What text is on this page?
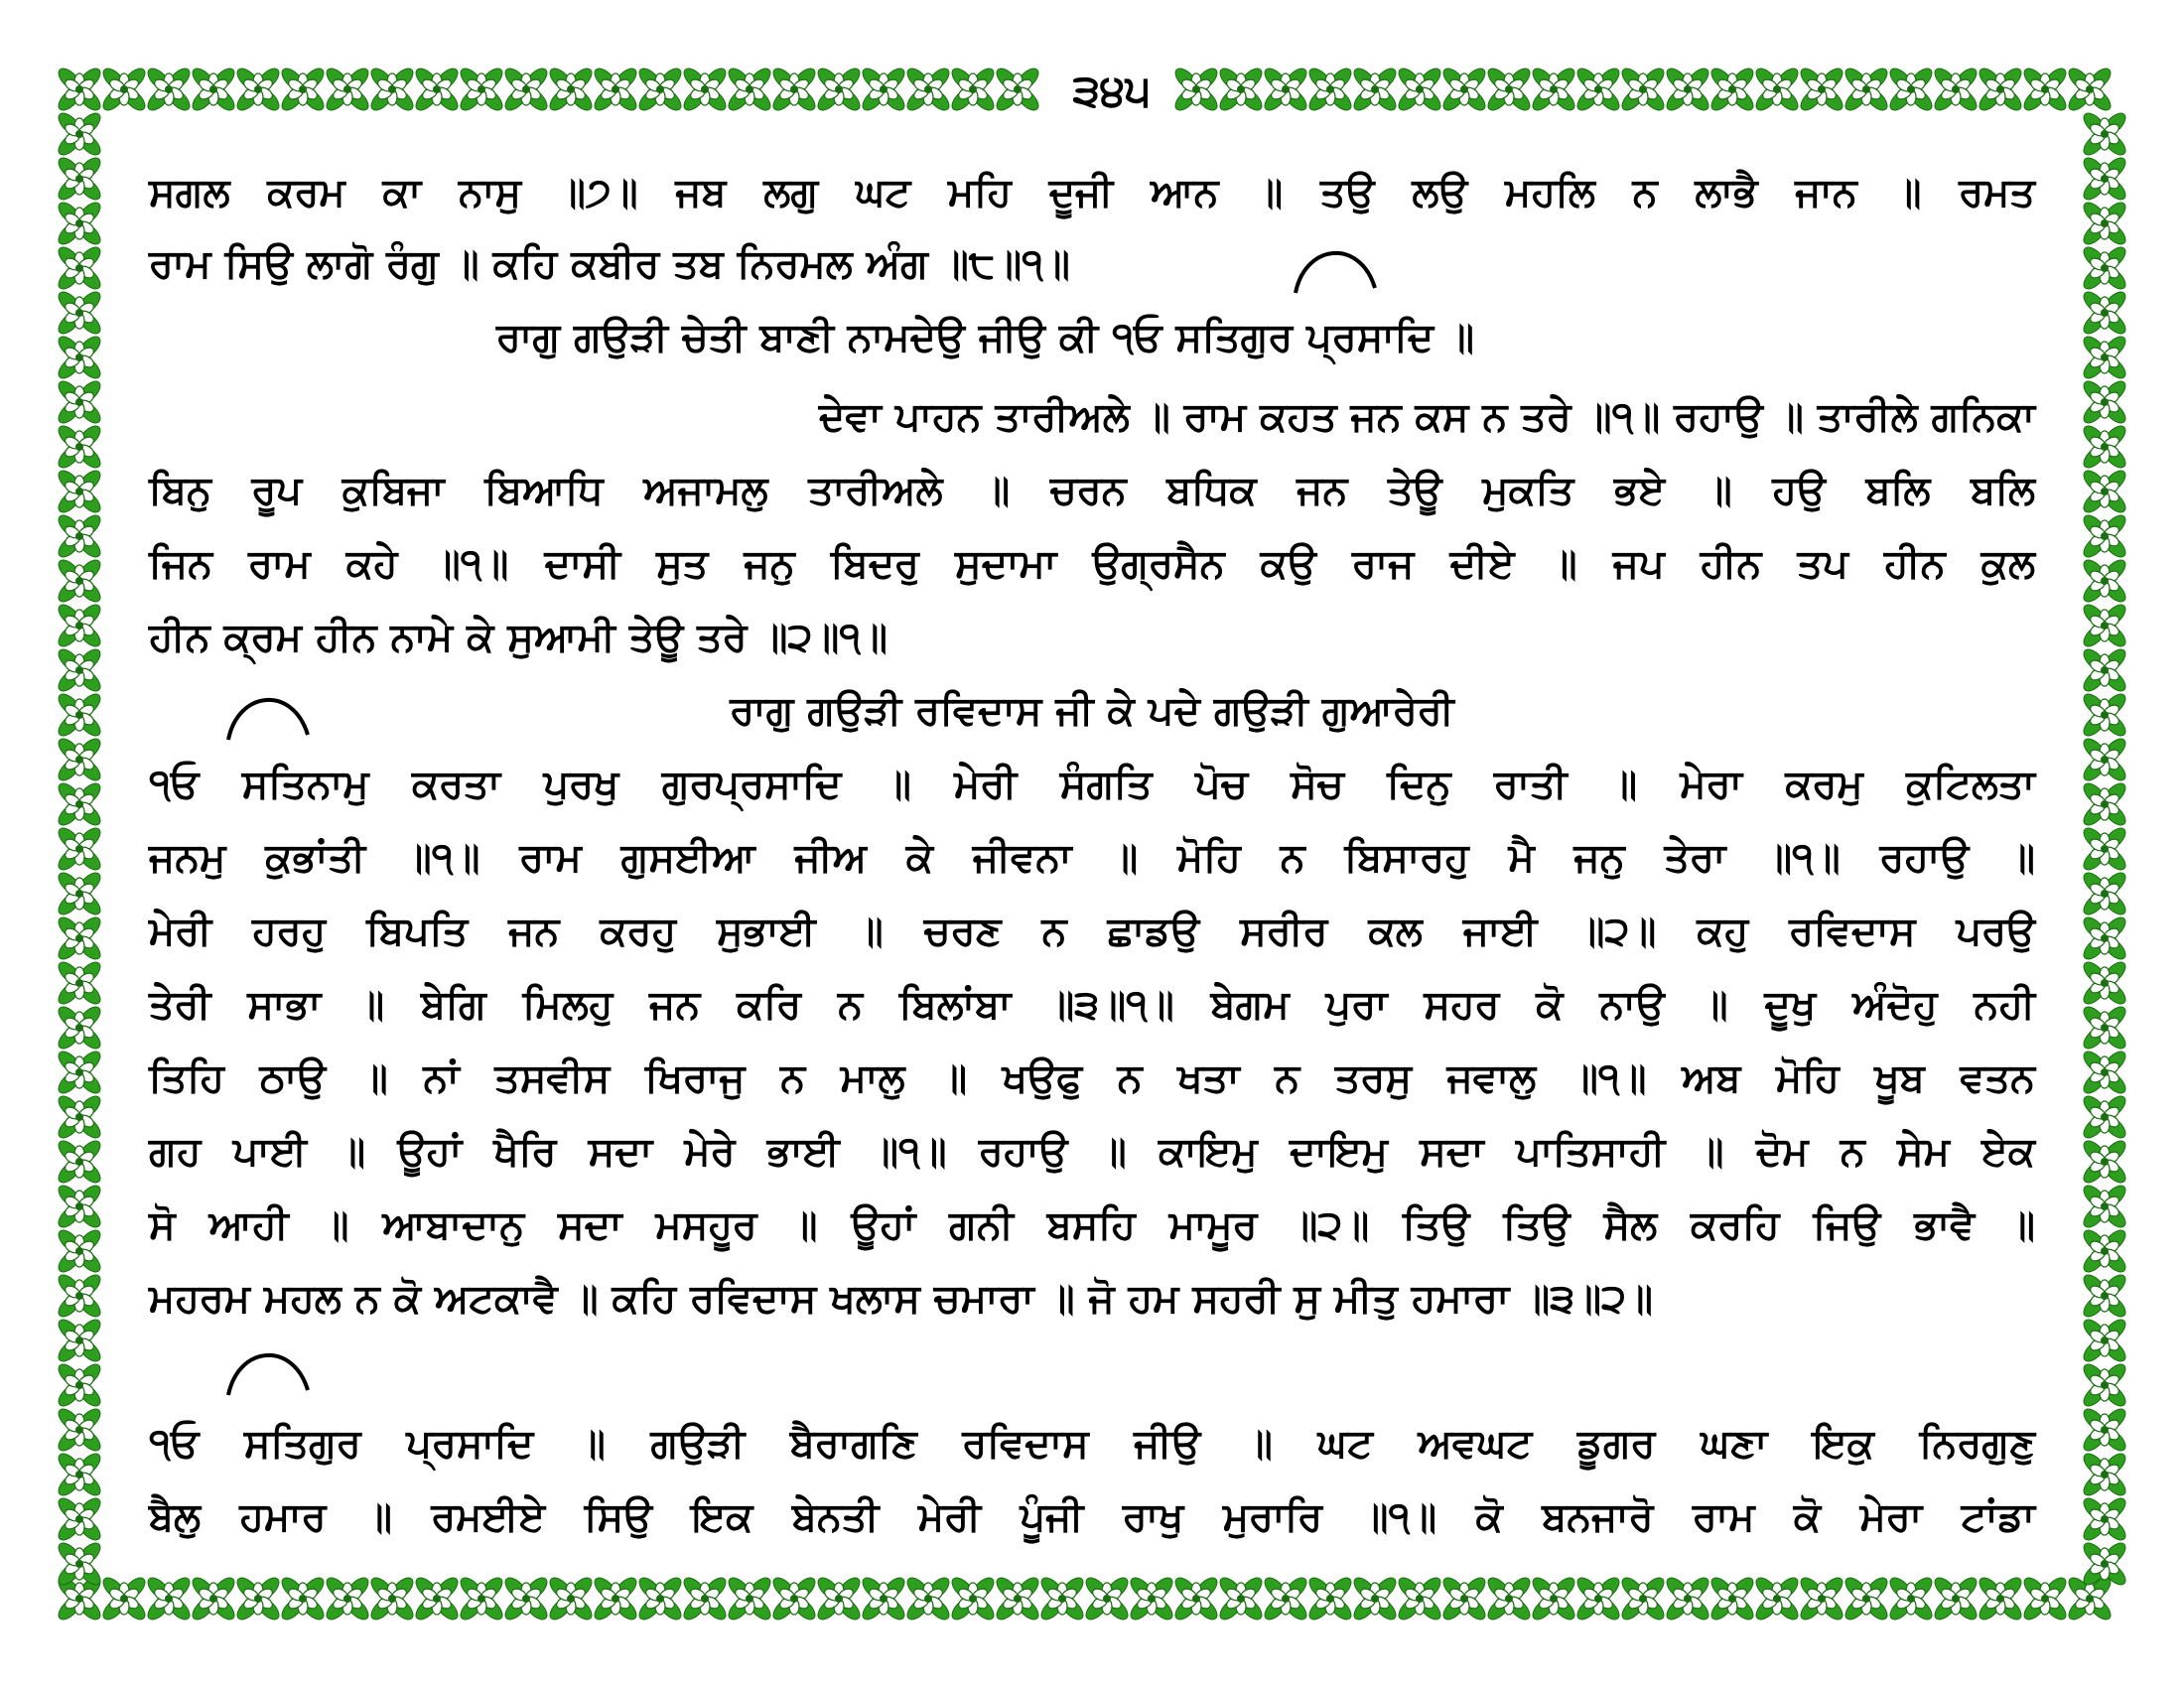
੩੪੫
ਸਗਲ ਕਰਮ ਕਾ ਨਾਸੁ ॥੭॥ ਜਬ ਲਗੁ ਘਟ ਮਹਿ ਦੂਜੀ ਆਨ ॥ ਤਉ ਲਉ ਮਹਲਿ ਨ ਲਾਭੈ ਜਾਨ ॥ ਰਮਤ
ਰਾਮ ਸਿਉ ਲਾਗੋ ਰੰਗੁ ॥ ਕਹਿ ਕਬੀਰ ਤਬ ਨਿਰਮਲ ਅੰਗ ॥੮॥੧॥
ਰਾਗੁ ਗਉੜੀ ਚੇਤੀ ਬਾਣੀ ਨਾਮਦੇਉ ਜੀਉ ਕੀ ੧ਓ ਸਤਿਗੁਰ ਪ੍ਰਸਾਦਿ ॥
ਦੇਵਾ ਪਾਹਨ ਤਾਰੀਅਲੇ ॥ ਰਾਮ ਕਹਤ ਜਨ ਕਸ ਨ ਤਰੇ ॥੧॥ ਰਹਾਉ ॥ ਤਾਰੀਲੇ ਗਨਿਕਾ
ਬਿਨੁ ਰੂਪ ਕੁਬਿਜਾ ਬਿਆਧਿ ਅਜਾਮਲੁ ਤਾਰੀਅਲੇ ॥ ਚਰਨ ਬਧਿਕ ਜਨ ਤੇਊ ਮੁਕਤਿ ਭਏ ॥ ਹਉ ਬਲਿ ਬਲਿ
ਜਿਨ ਰਾਮ ਕਹੇ ॥੧॥ ਦਾਸੀ ਸੁਤ ਜਨੁ ਬਿਦਰੁ ਸੁਦਾਮਾ ਉਗ੍ਰਸੈਨ ਕਉ ਰਾਜ ਦੀਏ ॥ ਜਪ ਹੀਨ ਤਪ ਹੀਨ ਕੁਲ
ਹੀਨ ਕ੍ਰਮ ਹੀਨ ਨਾਮੇ ਕੇ ਸੁਆਮੀ ਤੇਊ ਤਰੇ ॥੨॥੧॥
ਰਾਗੁ ਗਉੜੀ ਰਵਿਦਾਸ ਜੀ ਕੇ ਪਦੇ ਗਉੜੀ ਗੁਆਰੇਰੀ
੧ਓ ਸਤਿਨਾਮੁ ਕਰਤਾ ਪੁਰਖੁ ਗੁਰਪ੍ਰਸਾਦਿ ॥ ਮੇਰੀ ਸੰਗਤਿ ਪੋਚ ਸੋਚ ਦਿਨੁ ਰਾਤੀ ॥ ਮੇਰਾ ਕਰਮੁ ਕੁਟਿਲਤਾ
ਜਨਮੁ ਕੁਭਾਂਤੀ ॥੧॥ ਰਾਮ ਗੁਸਈਆ ਜੀਅ ਕੇ ਜੀਵਨਾ ॥ ਮੋਹਿ ਨ ਬਿਸਾਰਹੁ ਮੈ ਜਨੁ ਤੇਰਾ ॥੧॥ ਰਹਾਉ ॥
ਮੇਰੀ ਹਰਹੁ ਬਿਪਤਿ ਜਨ ਕਰਹੁ ਸੁਭਾਈ ॥ ਚਰਣ ਨ ਛਾਡਉ ਸਰੀਰ ਕਲ ਜਾਈ ॥੨॥ ਕਹੁ ਰਵਿਦਾਸ ਪਰਉ
ਤੇਰੀ ਸਾਭਾ ॥ ਬੇਗਿ ਮਿਲਹੁ ਜਨ ਕਰਿ ਨ ਬਿਲਾਂਬਾ ॥੩॥੧॥ ਬੇਗਮ ਪੁਰਾ ਸਹਰ ਕੋ ਨਾਉ ॥ ਦੂਖੁ ਅੰਦੋਹੁ ਨਹੀ
ਤਿਹਿ ਠਾਉ ॥ ਨਾਂ ਤਸਵੀਸ ਖਿਰਾਜੁ ਨ ਮਾਲੁ ॥ ਖਉਫੁ ਨ ਖਤਾ ਨ ਤਰਸੁ ਜਵਾਲੁ ॥੧॥ ਅਬ ਮੋਹਿ ਖੂਬ ਵਤਨ
ਗਹ ਪਾਈ ॥ ਊਹਾਂ ਖੈਰਿ ਸਦਾ ਮੇਰੇ ਭਾਈ ॥੧॥ ਰਹਾਉ ॥ ਕਾਇਮੁ ਦਾਇਮੁ ਸਦਾ ਪਾਤਿਸਾਹੀ ॥ ਦੋਮ ਨ ਸੇਮ ਏਕ
ਸੋ ਆਹੀ ॥ ਆਬਾਦਾਨੁ ਸਦਾ ਮਸਹੂਰ ॥ ਊਹਾਂ ਗਨੀ ਬਸਹਿ ਮਾਮੂਰ ॥੨॥ ਤਿਉ ਤਿਉ ਸੈਲ ਕਰਹਿ ਜਿਉ ਭਾਵੈ ॥
ਮਹਰਮ ਮਹਲ ਨ ਕੋ ਅਟਕਾਵੈ ॥ ਕਹਿ ਰਵਿਦਾਸ ਖਲਾਸ ਚਮਾਰਾ ॥ ਜੋ ਹਮ ਸਹਰੀ ਸੁ ਮੀਤੁ ਹਮਾਰਾ ॥੩॥੨॥
੧ਓ ਸਤਿਗੁਰ ਪ੍ਰਸਾਦਿ ॥ ਗਉੜੀ ਬੈਰਾਗਣਿ ਰਵਿਦਾਸ ਜੀਉ ॥ ਘਟ ਅਵਘਟ ਡੂਗਰ ਘਣਾ ਇਕੁ ਨਿਰਗੁਣੁ
ਬੈਲੁ ਹਮਾਰ ॥ ਰਮਈਏ ਸਿਉ ਇਕ ਬੇਨਤੀ ਮੇਰੀ ਪੂੰਜੀ ਰਾਖੁ ਮੁਰਾਰਿ ॥੧॥ ਕੋ ਬਨਜਾਰੋ ਰਾਮ ਕੋ ਮੇਰਾ ਟਾਂਡਾ
